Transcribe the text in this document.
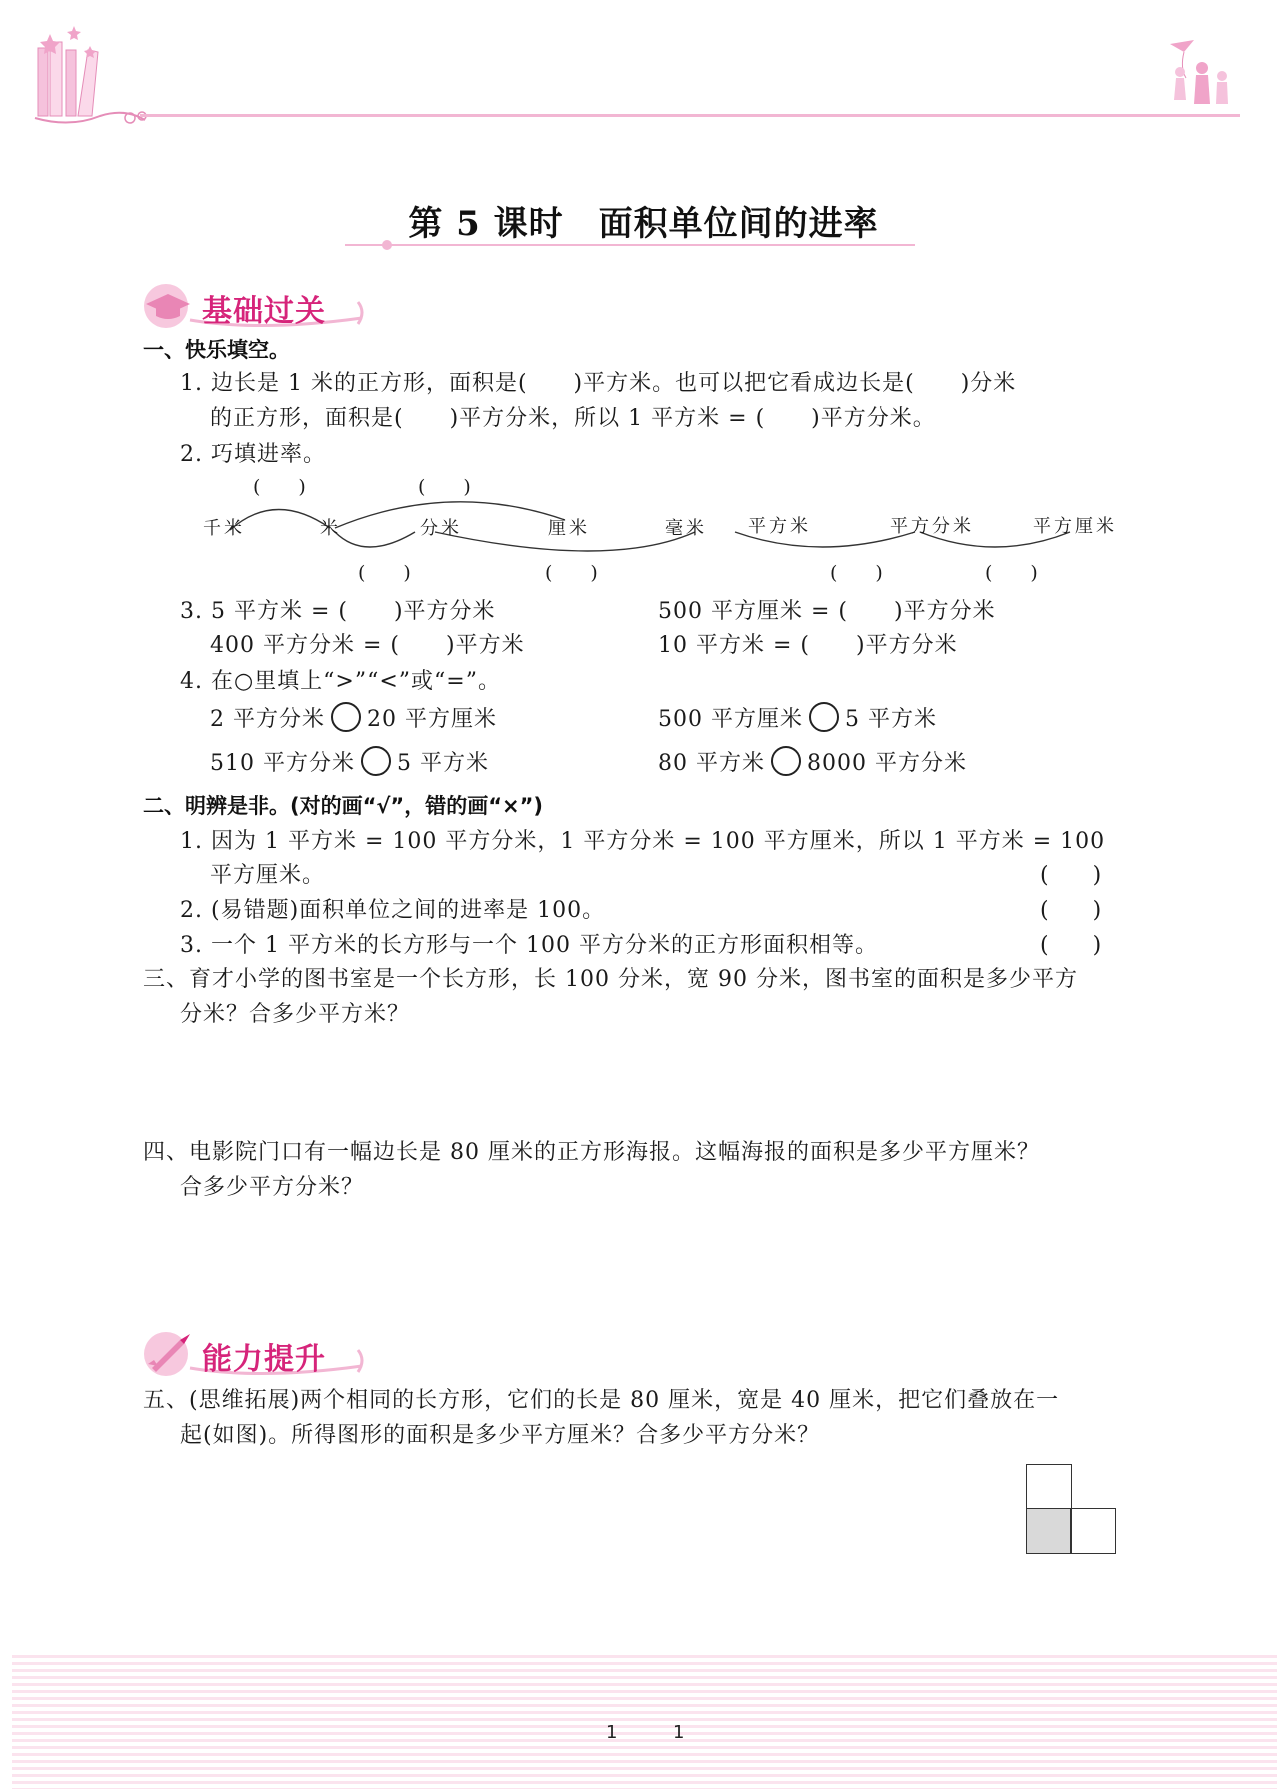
第 5 课时　面积单位间的进率
基础过关
一、快乐填空。
1. 边长是 1 米的正方形，面积是(　　)平方米。也可以把它看成边长是(　　)分米
的正方形，面积是(　　)平方分米，所以 1 平方米 = (　　)平方分米。
2. 巧填进率。
(　　)	(　　)
千米	米	分米	厘米	毫米 平方米	平方分米	平方厘米
(　　)	(　　)	(　　)	(　　)
3. 5 平方米 = (　　)平方分米	500 平方厘米 = (　　)平方分米
400 平方分米 = (　　)平方米	10 平方米 = (　　)平方分米
4. 在○里填上“>”“<”或“=”。
2 平方分米 20 平方厘米	500 平方厘米 5 平方米
510 平方分米 5 平方米	80 平方米 8000 平方分米
二、明辨是非。(对的画“√”，错的画“×”)
1. 因为 1 平方米 = 100 平方分米，1 平方分米 = 100 平方厘米，所以 1 平方米 = 100
平方厘米。	(　　)
2. (易错题)面积单位之间的进率是 100。	(　　)
3. 一个 1 平方米的长方形与一个 100 平方分米的正方形面积相等。	(　　)
三、育才小学的图书室是一个长方形，长 100 分米，宽 90 分米，图书室的面积是多少平方
分米？合多少平方米？
四、电影院门口有一幅边长是 80 厘米的正方形海报。这幅海报的面积是多少平方厘米？
合多少平方分米？
能力提升
五、(思维拓展)两个相同的长方形，它们的长是 80 厘米，宽是 40 厘米，把它们叠放在一
起(如图)。所得图形的面积是多少平方厘米？合多少平方分米？
1	1
